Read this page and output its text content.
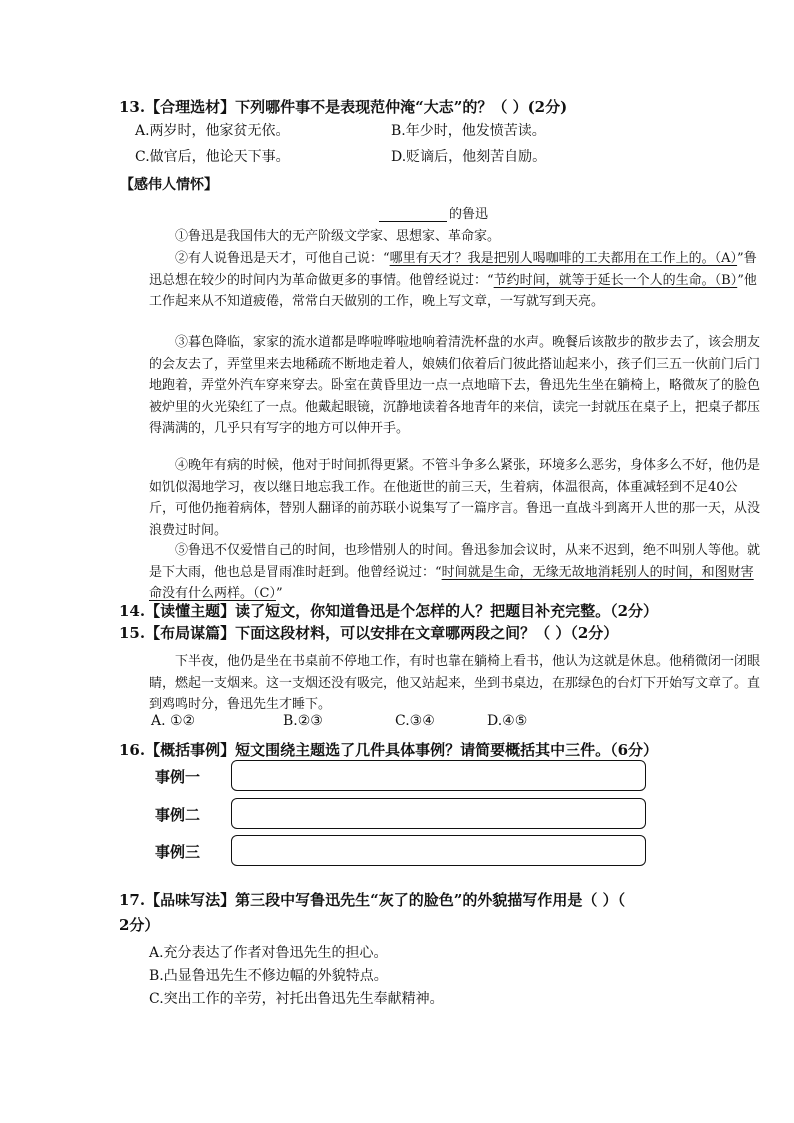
13.【合理选材】下列哪件事不是表现范仲淹“大志”的？（ ）(2分)
A.两岁时，他家贫无依。	B.年少时，他发愤苦读。
C.做官后，他论天下事。	D.贬谪后，他刻苦自励。
【感伟人情怀】
的鲁迅
①鲁迅是我国伟大的无产阶级文学家、思想家、革命家。
②有人说鲁迅是天才，可他自己说：“哪里有天才？我是把别人喝咖啡的工夫都用在工作上的。（A）”鲁迅总想在较少的时间内为革命做更多的事情。他曾经说过：“节约时间，就等于延长一个人的生命。（B）”他工作起来从不知道疲倦，常常白天做别的工作，晚上写文章，一写就写到天亮。
③暮色降临，家家的流水道都是哗啦哗啦地响着清洗杯盘的水声。晚餐后该散步的散步去了，该会朋友的会友去了，弄堂里来去地稀疏不断地走着人，娘姨们依着后门彼此搭讪起来小，孩子们三五一伙前门后门地跑着，弄堂外汽车穿来穿去。卧室在黄昏里边一点一点地暗下去，鲁迅先生坐在躺椅上，略微灰了的脸色被炉里的火光染红了一点。他戴起眼镜，沉静地读着各地青年的来信，读完一封就压在桌子上，把桌子都压得满满的，几乎只有写字的地方可以伸开手。
④晚年有病的时候，他对于时间抓得更紧。不管斗争多么紧张，环境多么恶劣，身体多么不好，他仍是如饥似渴地学习，夜以继日地忘我工作。在他逝世的前三天，生着病，体温很高，体重减轻到不足40公斤，可他仍拖着病体，替别人翻译的前苏联小说集写了一篇序言。鲁迅一直战斗到离开人世的那一天，从没浪费过时间。
⑤鲁迅不仅爱惜自己的时间，也珍惜别人的时间。鲁迅参加会议时，从来不迟到，绝不叫别人等他。就是下大雨，他也总是冒雨准时赶到。他曾经说过：“时间就是生命，无缘无故地消耗别人的时间，和图财害命没有什么两样。（C）”
14.【读懂主题】读了短文，你知道鲁迅是个怎样的人？把题目补充完整。（2分）
15.【布局谋篇】下面这段材料，可以安排在文章哪两段之间？（ ）（2分）
下半夜，他仍是坐在书桌前不停地工作，有时也靠在躺椅上看书，他认为这就是休息。他稍微闭一闭眼睛，燃起一支烟来。这一支烟还没有吸完，他又站起来，坐到书桌边，在那绿色的台灯下开始写文章了。直到鸡鸣时分，鲁迅先生才睡下。
A. ①②	B.②③	C.③④	D.④⑤
16.【概括事例】短文围绕主题选了几件具体事例？请简要概括其中三件。（6分）
事例一
事例二
事例三
17.【品味写法】第三段中写鲁迅先生“灰了的脸色”的外貌描写作用是（ ）（
2分）
A.充分表达了作者对鲁迅先生的担心。
B.凸显鲁迅先生不修边幅的外貌特点。
C.突出工作的辛劳，衬托出鲁迅先生奉献精神。
